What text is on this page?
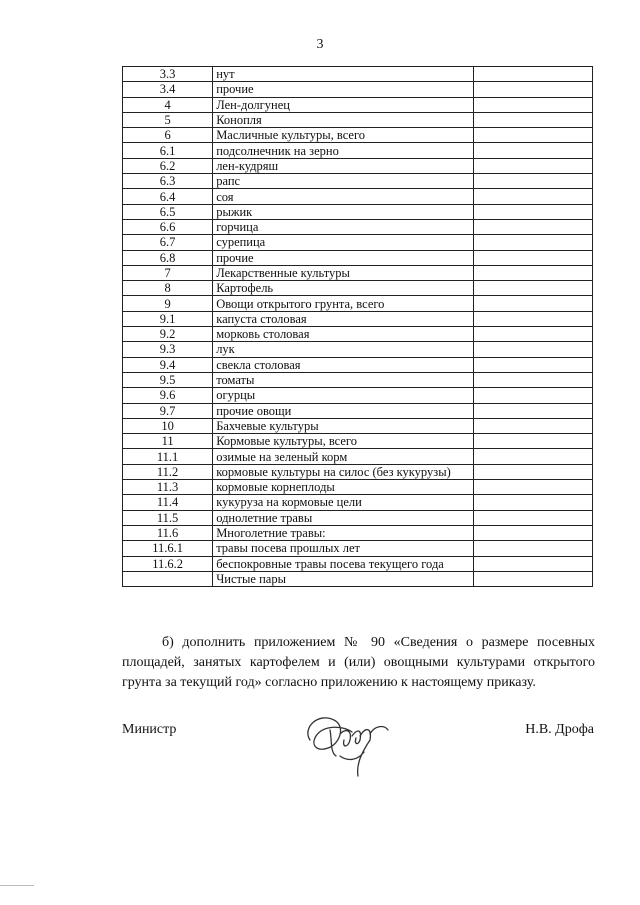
3
3.3	нут	
3.4	прочие	
4	Лен-долгунец	
5	Конопля	
6	Масличные культуры, всего	
6.1	подсолнечник на зерно	
6.2	лен-кудряш	
6.3	рапс	
6.4	соя	
6.5	рыжик	
6.6	горчица	
6.7	сурепица	
6.8	прочие	
7	Лекарственные культуры	
8	Картофель	
9	Овощи открытого грунта, всего	
9.1	капуста столовая	
9.2	морковь столовая	
9.3	лук	
9.4	свекла столовая	
9.5	томаты	
9.6	огурцы	
9.7	прочие овощи	
10	Бахчевые культуры	
11	Кормовые культуры, всего	
11.1	озимые на зеленый корм	
11.2	кормовые культуры на силос (без кукурузы)	
11.3	кормовые корнеплоды	
11.4	кукуруза на кормовые цели	
11.5	однолетние травы	
11.6	Многолетние травы:	
11.6.1	травы посева прошлых лет	
11.6.2	беспокровные травы посева текущего года	
	Чистые пары	
б) дополнить приложением № 90 «Сведения о размере посевных площадей, занятых картофелем и (или) овощными культурами открытого грунта за текущий год» согласно приложению к настоящему приказу.
Министр	Н.В. Дрофа
